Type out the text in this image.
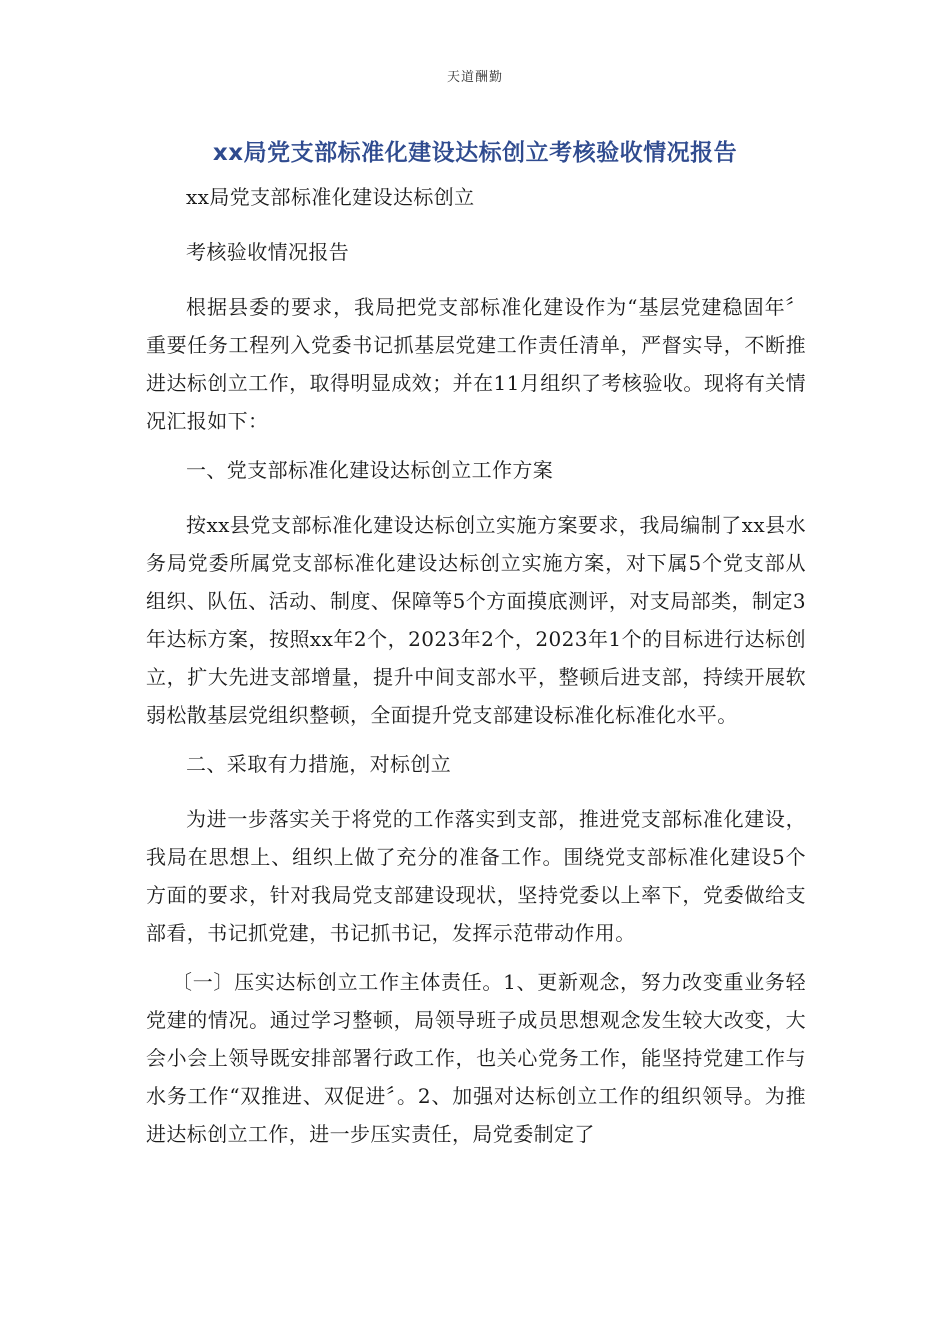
天道酬勤
xx局党支部标准化建设达标创立考核验收情况报告

xx局党支部标准化建设达标创立

考核验收情况报告

根据县委的要求，我局把党支部标准化建设作为“基层党建稳固年〞重要任务工程列入党委书记抓基层党建工作责任清单，严督实导，不断推进达标创立工作，取得明显成效；并在11月组织了考核验收。现将有关情况汇报如下：

一、党支部标准化建设达标创立工作方案

按xx县党支部标准化建设达标创立实施方案要求，我局编制了xx县水务局党委所属党支部标准化建设达标创立实施方案，对下属5个党支部从组织、队伍、活动、制度、保障等5个方面摸底测评，对支局部类，制定3年达标方案，按照xx年2个，2023年2个，2023年1个的目标进行达标创立，扩大先进支部增量，提升中间支部水平，整顿后进支部，持续开展软弱松散基层党组织整顿，全面提升党支部建设标准化标准化水平。

二、采取有力措施，对标创立

为进一步落实关于将党的工作落实到支部，推进党支部标准化建设，我局在思想上、组织上做了充分的准备工作。围绕党支部标准化建设5个方面的要求，针对我局党支部建设现状，坚持党委以上率下，党委做给支部看，书记抓党建，书记抓书记，发挥示范带动作用。

〔一〕压实达标创立工作主体责任。1、更新观念，努力改变重业务轻党建的情况。通过学习整顿，局领导班子成员思想观念发生较大改变，大会小会上领导既安排部署行政工作，也关心党务工作，能坚持党建工作与水务工作“双推进、双促进〞。2、加强对达标创立工作的组织领导。为推进达标创立工作，进一步压实责任，局党委制定了
